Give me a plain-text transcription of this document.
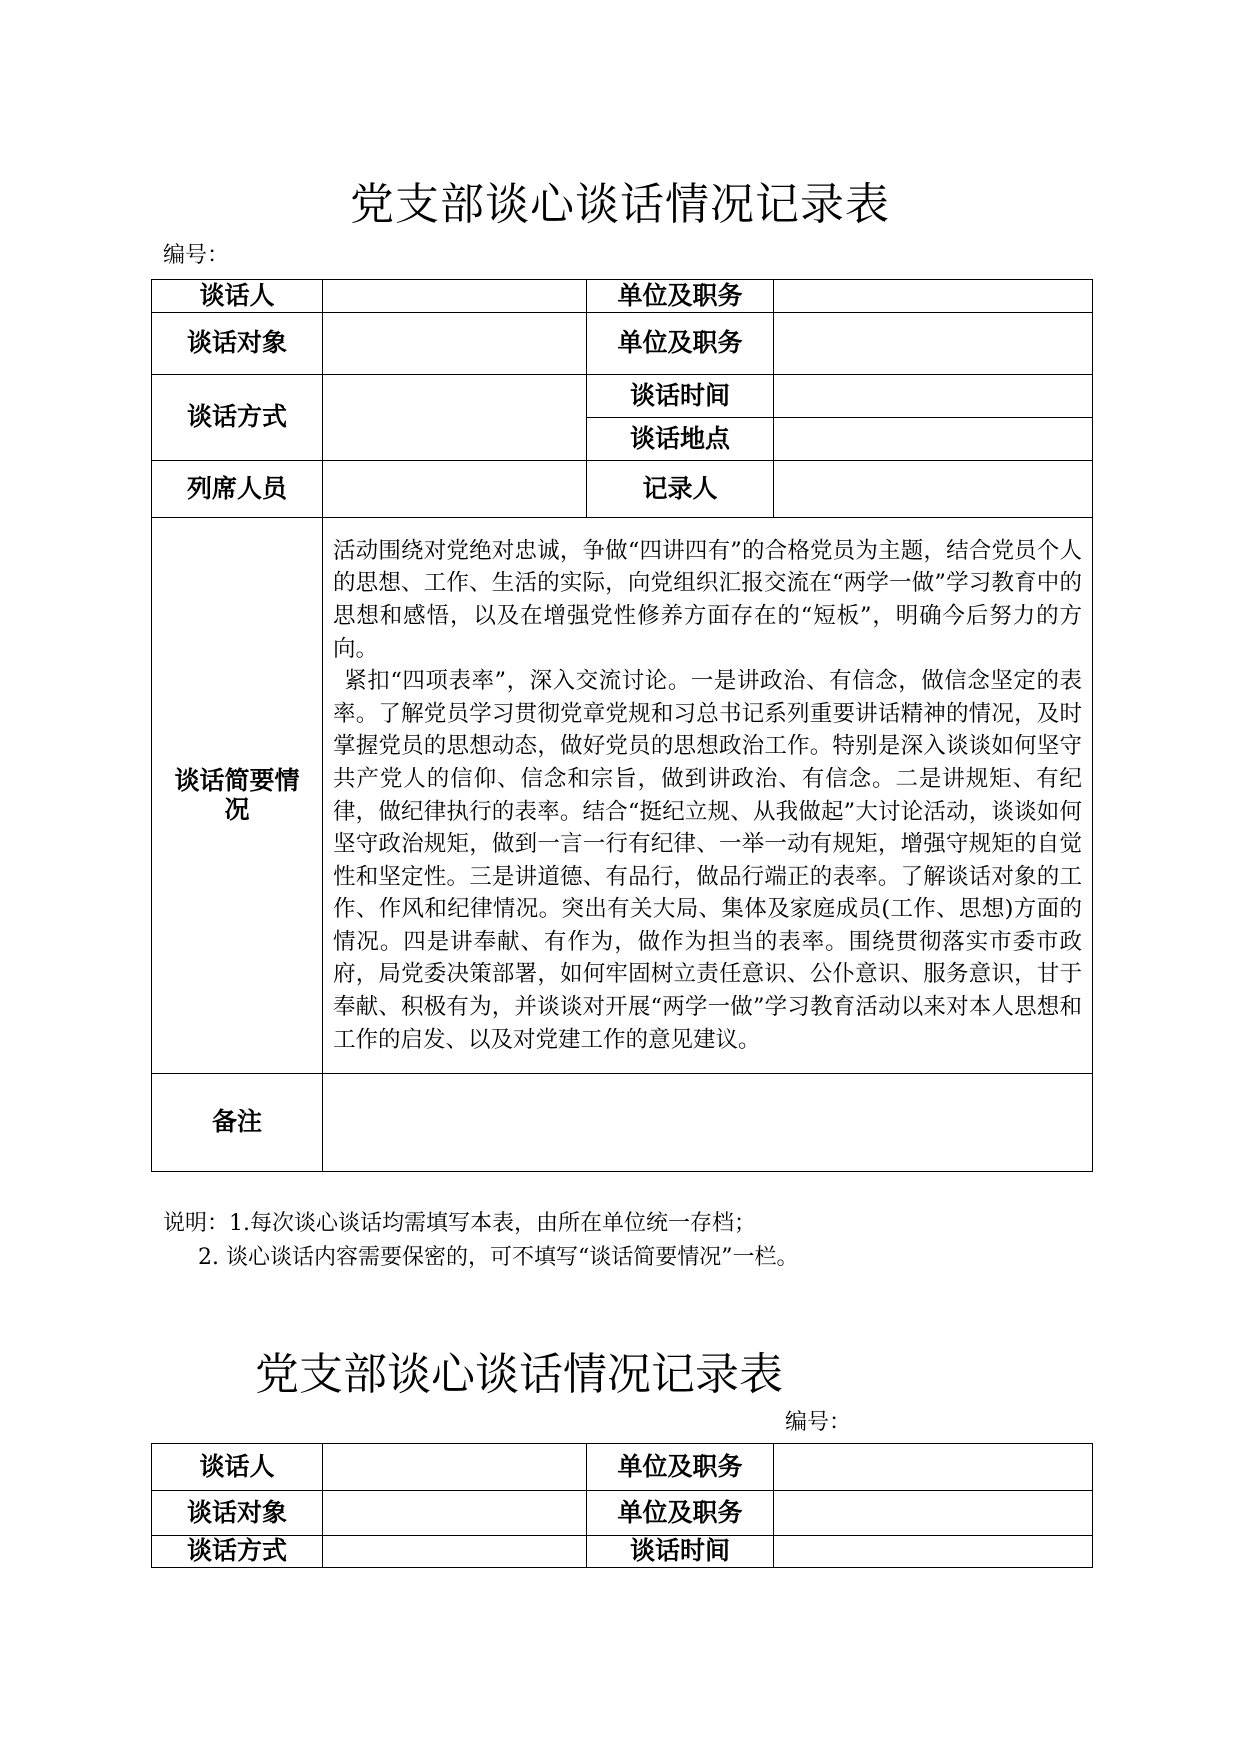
党支部谈心谈话情况记录表
编号：
谈话人		单位及职务	
谈话对象		单位及职务	
谈话方式		谈话时间	
		谈话地点	
列席人员		记录人	
谈话简要情况	活动围绕对党绝对忠诚，争做“四讲四有”的合格党员为主题，结合党员个人的思想、工作、生活的实际，向党组织汇报交流在“两学一做”学习教育中的思想和感悟，以及在增强党性修养方面存在的“短板”，明确今后努力的方向。

紧扣“四项表率”，深入交流讨论。一是讲政治、有信念，做信念坚定的表率。了解党员学习贯彻党章党规和习总书记系列重要讲话精神的情况，及时掌握党员的思想动态，做好党员的思想政治工作。特别是深入谈谈如何坚守共产党人的信仰、信念和宗旨，做到讲政治、有信念。二是讲规矩、有纪律，做纪律执行的表率。结合“挺纪立规、从我做起”大讨论活动，谈谈如何坚守政治规矩，做到一言一行有纪律、一举一动有规矩，增强守规矩的自觉性和坚定性。三是讲道德、有品行，做品行端正的表率。了解谈话对象的工作、作风和纪律情况。突出有关大局、集体及家庭成员(工作、思想)方面的情况。四是讲奉献、有作为，做作为担当的表率。围绕贯彻落实市委市政府，局党委决策部署，如何牢固树立责任意识、公仆意识、服务意识，甘于奉献、积极有为，并谈谈对开展“两学一做”学习教育活动以来对本人思想和工作的启发、以及对党建工作的意见建议。		

备注			
说明：1.每次谈心谈话均需填写本表，由所在单位统一存档；
2. 谈心谈话内容需要保密的，可不填写“谈话简要情况”一栏。
党支部谈心谈话情况记录表
编号：
谈话人		单位及职务	
谈话对象		单位及职务	
谈话方式		谈话时间	
